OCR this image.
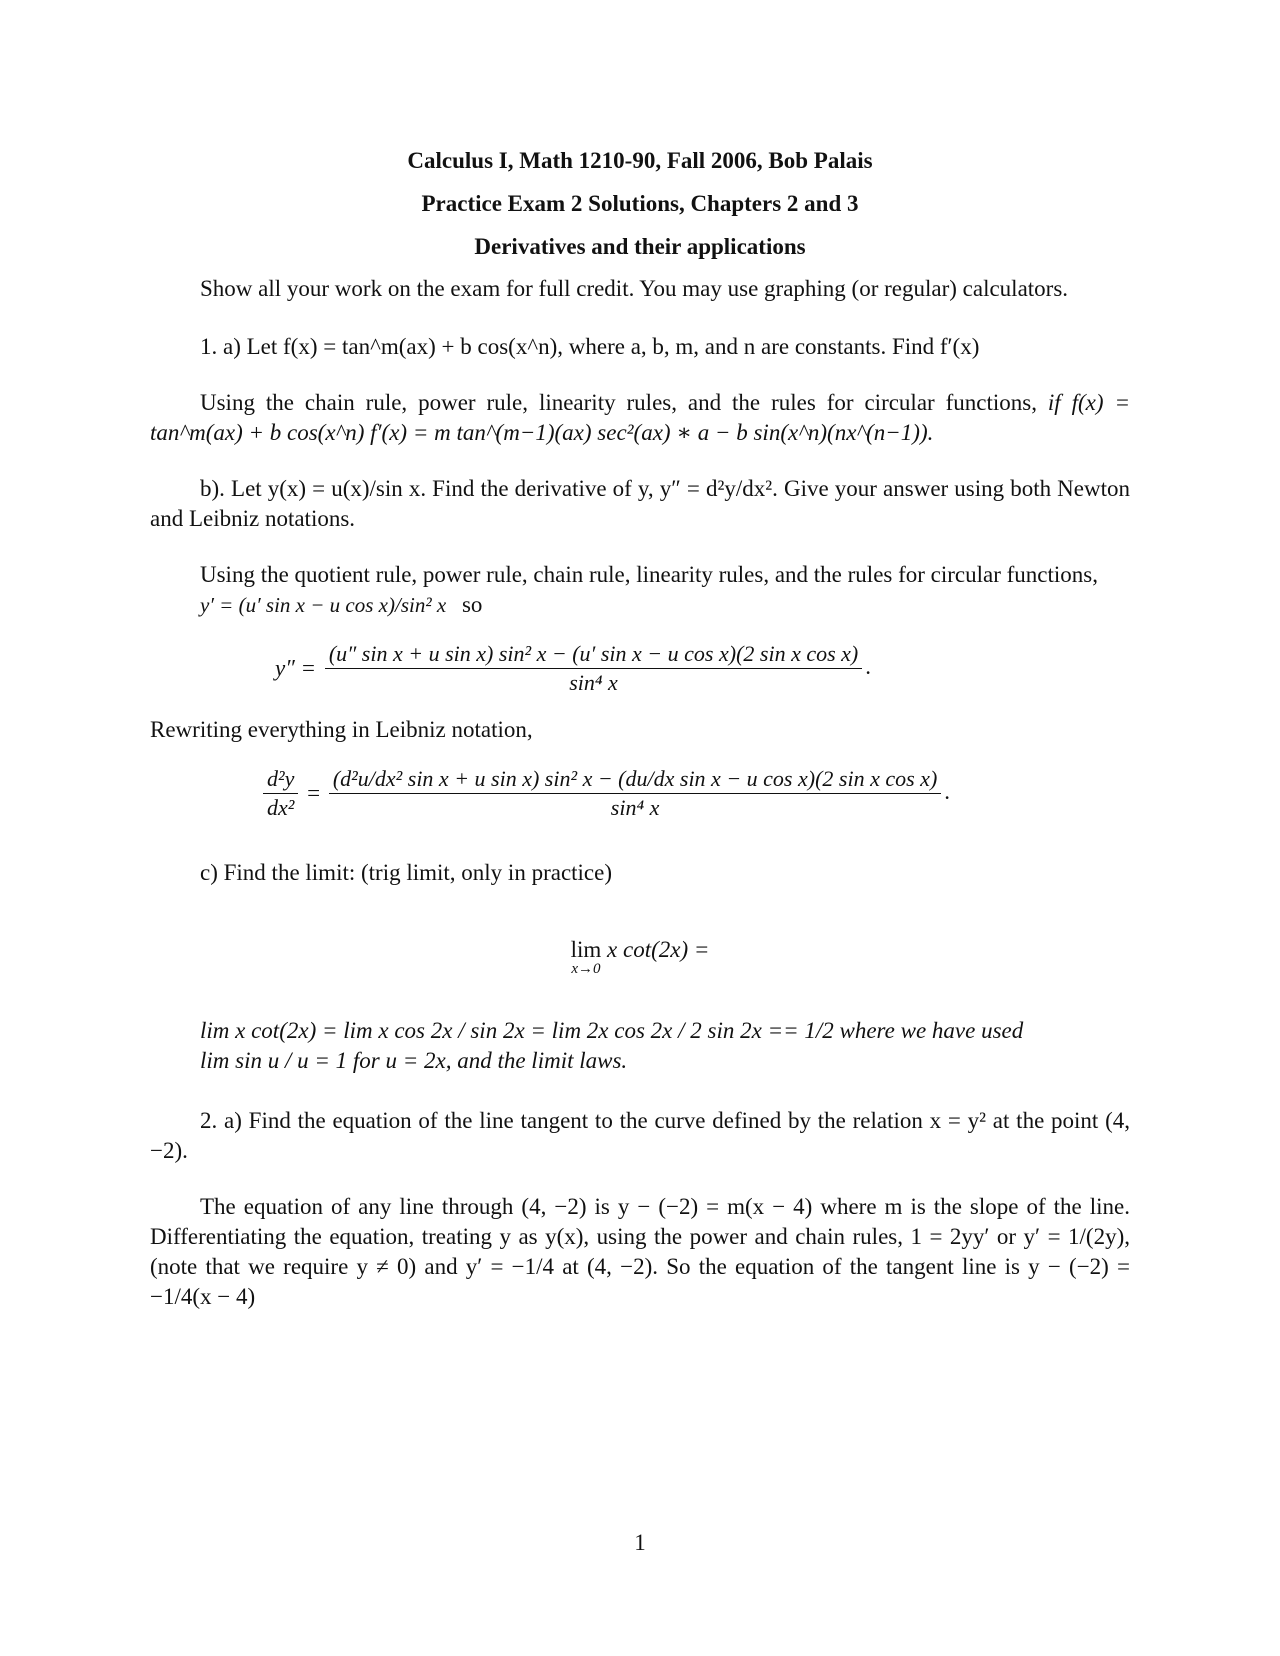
Calculus I, Math 1210-90, Fall 2006, Bob Palais
Practice Exam 2 Solutions, Chapters 2 and 3
Derivatives and their applications
Show all your work on the exam for full credit. You may use graphing (or regular) calculators.
1. a) Let f(x) = tan^m(ax) + b cos(x^n), where a, b, m, and n are constants. Find f′(x)
Using the chain rule, power rule, linearity rules, and the rules for circular functions, if f(x) = tan^m(ax) + b cos(x^n) f′(x) = m tan^(m−1)(ax) sec²(ax) ∗ a − b sin(x^n)(nx^(n−1)).
b). Let y(x) = u(x)/sin x. Find the derivative of y, y″ = d²y/dx². Give your answer using both Newton and Leibniz notations.
Using the quotient rule, power rule, chain rule, linearity rules, and the rules for circular functions,
y′ = (u′ sin x − u cos x)/sin² x so
y″ =
(u″ sin x + u sin x) sin² x − (u′ sin x − u cos x)(2 sin x cos x)
sin⁴ x
.
Rewriting everything in Leibniz notation,
$\frac{\text{d²y}}{\text{dx²}}$ =
(d²u/dx² sin x + u sin x) sin² x − (du/dx sin x − u cos x)(2 sin x cos x)
sin⁴ x
.
c) Find the limit: (trig limit, only in practice)
lim
x→0
x cot(2x) =
lim x cot(2x) = lim x cos 2x / sin 2x = lim 2x cos 2x / 2 sin 2x == 1/2 where we have used
lim sin u / u = 1 for u = 2x, and the limit laws.
2. a) Find the equation of the line tangent to the curve defined by the relation x = y² at the point (4, −2).
The equation of any line through (4, −2) is y − (−2) = m(x − 4) where m is the slope of the line. Differentiating the equation, treating y as y(x), using the power and chain rules, 1 = 2yy′ or y′ = 1/(2y), (note that we require y ≠ 0) and y′ = −1/4 at (4, −2). So the equation of the tangent line is y − (−2) = −1/4(x − 4)
1
